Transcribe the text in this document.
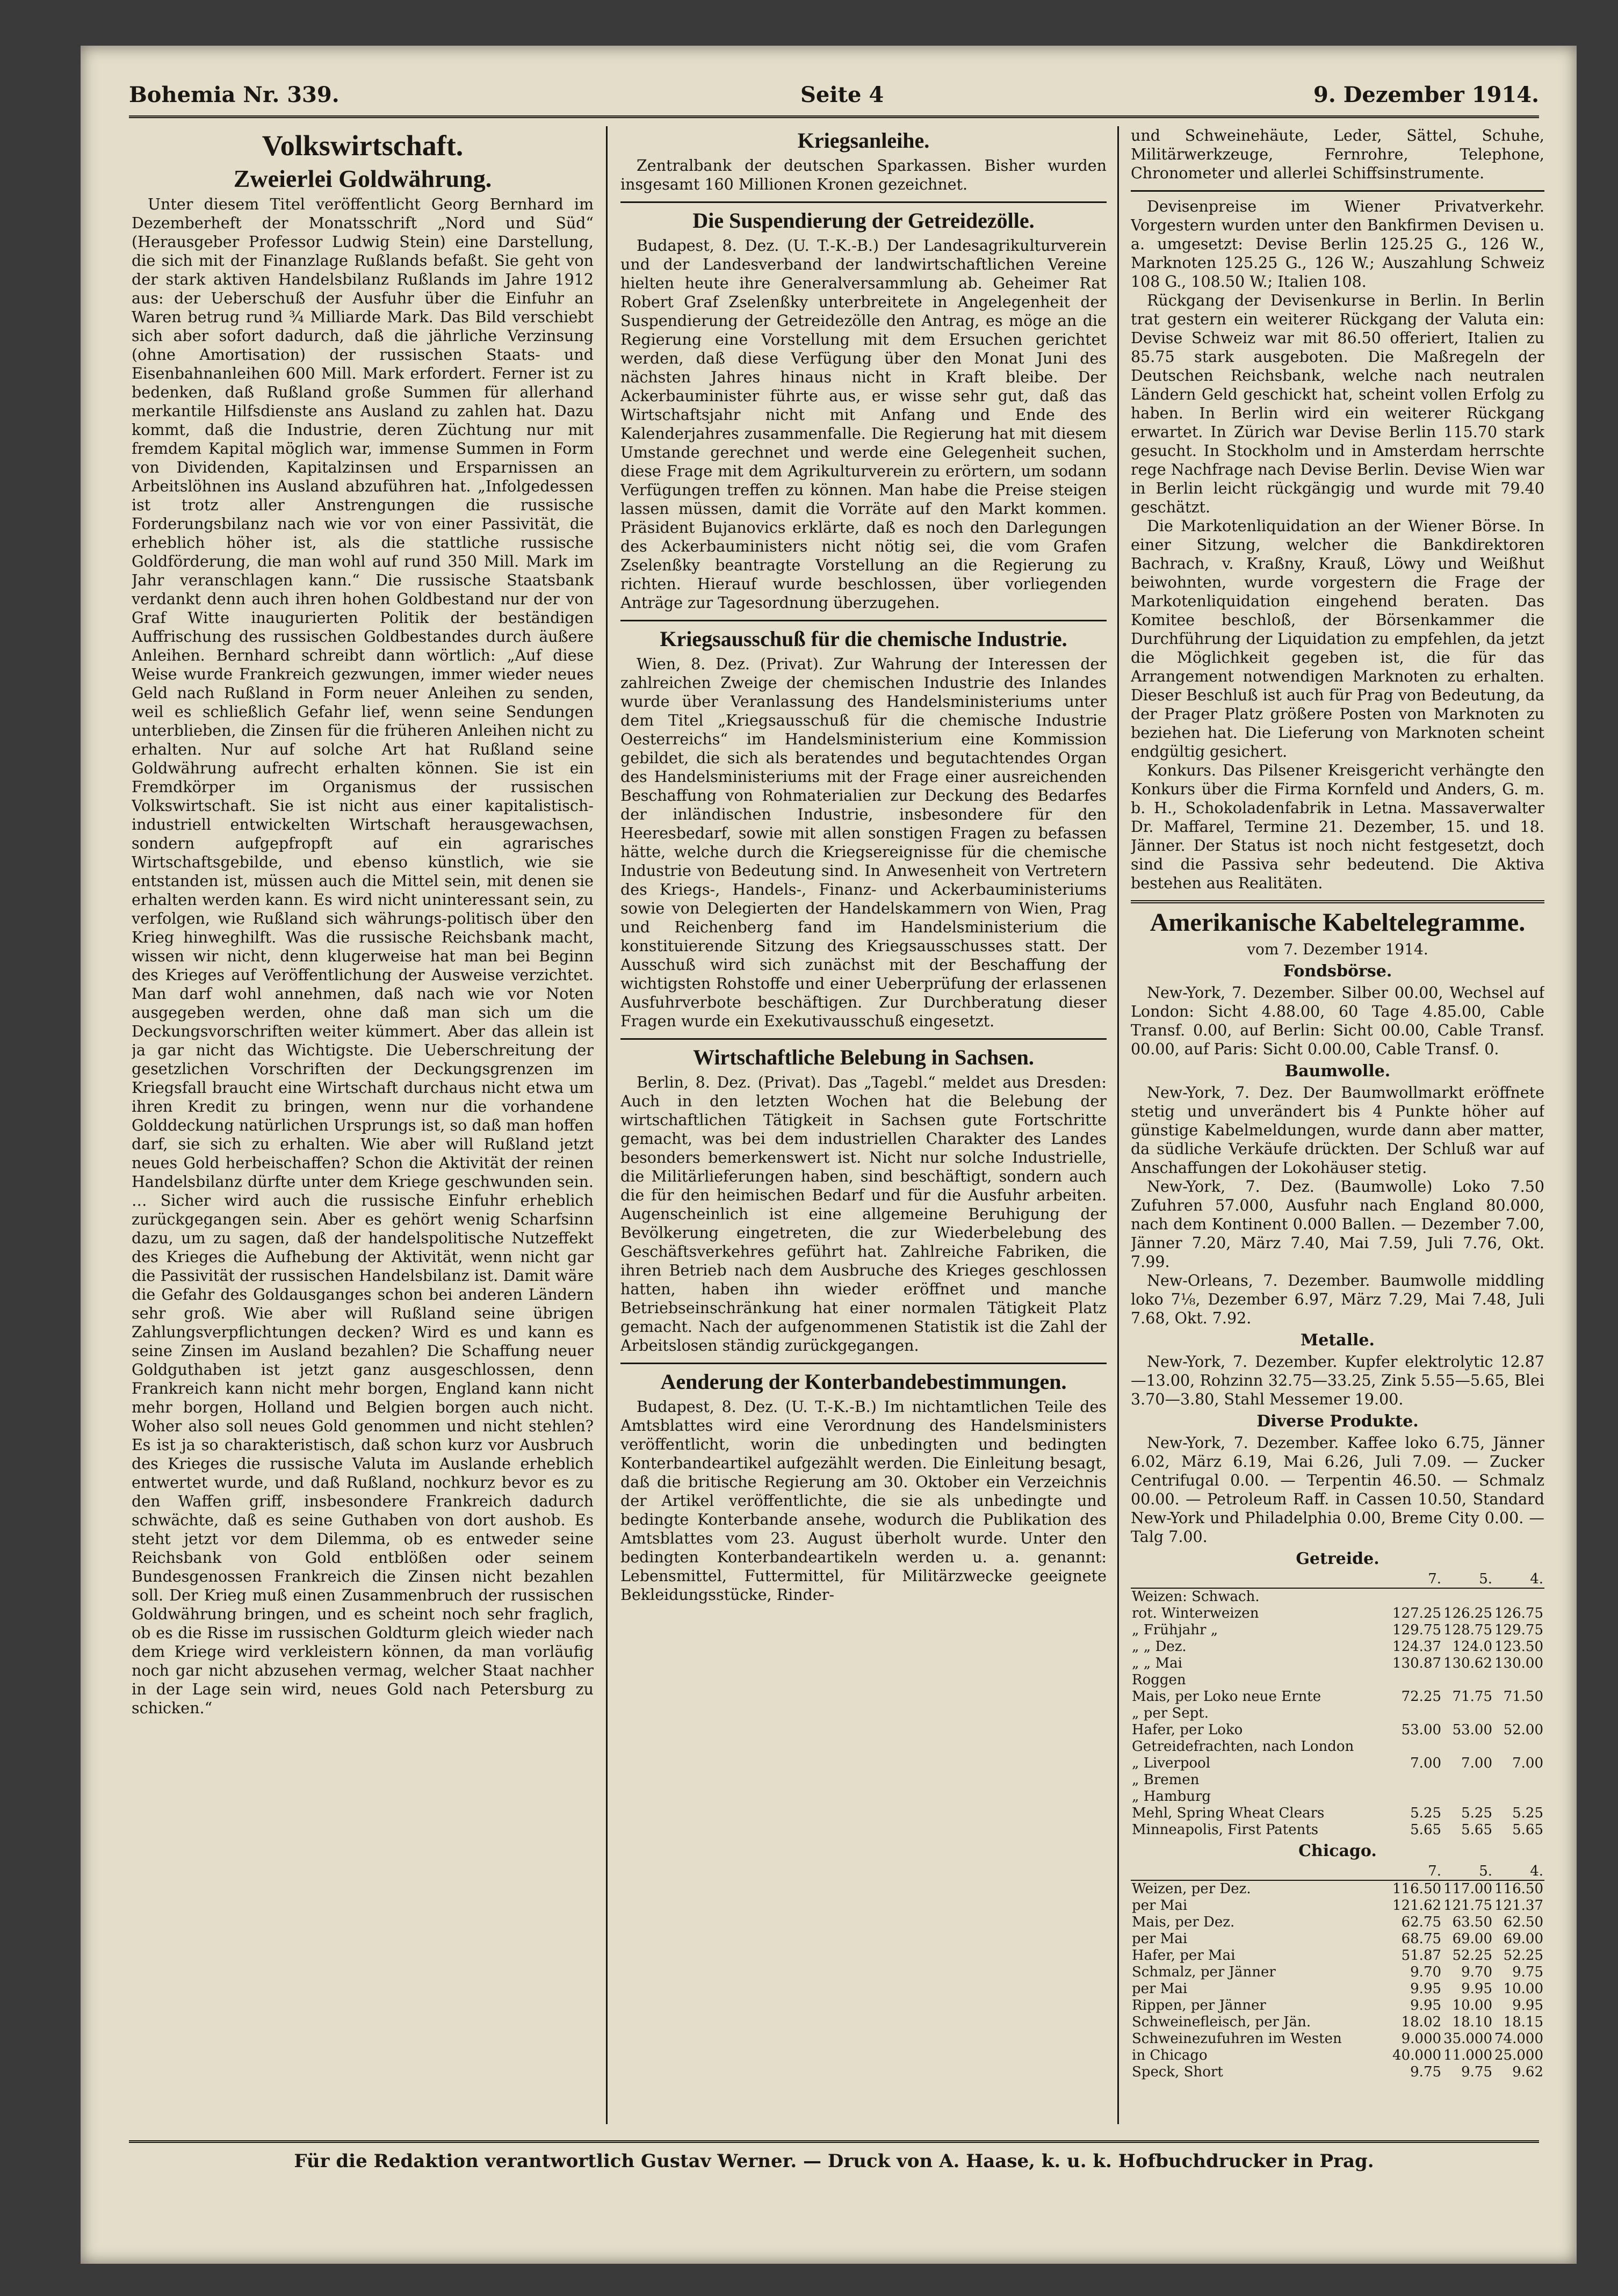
Bohemia Nr. 339.	Seite 4	9. Dezember 1914.
Volkswirtschaft.
Zweierlei Goldwährung.

Unter diesem Titel veröffentlicht Georg Bernhard im Dezemberheft der Monatsschrift „Nord und Süd“ (Herausgeber Professor Ludwig Stein) eine Darstellung, die sich mit der Finanzlage Rußlands befaßt. Sie geht von der stark aktiven Handelsbilanz Rußlands im Jahre 1912 aus: der Ueberschuß der Ausfuhr über die Einfuhr an Waren betrug rund ¾ Milliarde Mark. Das Bild verschiebt sich aber sofort dadurch, daß die jährliche Verzinsung (ohne Amortisation) der russischen Staats- und Eisenbahnanleihen 600 Mill. Mark erfordert. Ferner ist zu bedenken, daß Rußland große Summen für allerhand merkantile Hilfsdienste ans Ausland zu zahlen hat. Dazu kommt, daß die Industrie, deren Züchtung nur mit fremdem Kapital möglich war, immense Summen in Form von Dividenden, Kapitalzinsen und Ersparnissen an Arbeitslöhnen ins Ausland abzuführen hat. „Infolgedessen ist trotz aller Anstrengungen die russische Forderungsbilanz nach wie vor von einer Passivität, die erheblich höher ist, als die stattliche russische Goldförderung, die man wohl auf rund 350 Mill. Mark im Jahr veranschlagen kann.“ Die russische Staatsbank verdankt denn auch ihren hohen Goldbestand nur der von Graf Witte inaugurierten Politik der beständigen Auffrischung des russischen Goldbestandes durch äußere Anleihen. Bernhard schreibt dann wörtlich: „Auf diese Weise wurde Frankreich gezwungen, immer wieder neues Geld nach Rußland in Form neuer Anleihen zu senden, weil es schließlich Gefahr lief, wenn seine Sendungen unterblieben, die Zinsen für die früheren Anleihen nicht zu erhalten. Nur auf solche Art hat Rußland seine Goldwährung aufrecht erhalten können. Sie ist ein Fremdkörper im Organismus der russischen Volkswirtschaft. Sie ist nicht aus einer kapitalistisch-industriell entwickelten Wirtschaft herausgewachsen, sondern aufgepfropft auf ein agrarisches Wirtschaftsgebilde, und ebenso künstlich, wie sie entstanden ist, müssen auch die Mittel sein, mit denen sie erhalten werden kann. Es wird nicht uninteressant sein, zu verfolgen, wie Rußland sich währungs-politisch über den Krieg hinweghilft. Was die russische Reichsbank macht, wissen wir nicht, denn klugerweise hat man bei Beginn des Krieges auf Veröffentlichung der Ausweise verzichtet. Man darf wohl annehmen, daß nach wie vor Noten ausgegeben werden, ohne daß man sich um die Deckungsvorschriften weiter kümmert. Aber das allein ist ja gar nicht das Wichtigste. Die Ueberschreitung der gesetzlichen Vorschriften der Deckungsgrenzen im Kriegsfall braucht eine Wirtschaft durchaus nicht etwa um ihren Kredit zu bringen, wenn nur die vorhandene Golddeckung natürlichen Ursprungs ist, so daß man hoffen darf, sie sich zu erhalten. Wie aber will Rußland jetzt neues Gold herbeischaffen? Schon die Aktivität der reinen Handelsbilanz dürfte unter dem Kriege geschwunden sein. … Sicher wird auch die russische Einfuhr erheblich zurückgegangen sein. Aber es gehört wenig Scharfsinn dazu, um zu sagen, daß der handelspolitische Nutzeffekt des Krieges die Aufhebung der Aktivität, wenn nicht gar die Passivität der russischen Handelsbilanz ist. Damit wäre die Gefahr des Goldausganges schon bei anderen Ländern sehr groß. Wie aber will Rußland seine übrigen Zahlungsverpflichtungen decken? Wird es und kann es seine Zinsen im Ausland bezahlen? Die Schaffung neuer Goldguthaben ist jetzt ganz ausgeschlossen, denn Frankreich kann nicht mehr borgen, England kann nicht mehr borgen, Holland und Belgien borgen auch nicht. Woher also soll neues Gold genommen und nicht stehlen? Es ist ja so charakteristisch, daß schon kurz vor Ausbruch des Krieges die russische Valuta im Auslande erheblich entwertet wurde, und daß Rußland, nochkurz bevor es zu den Waffen griff, insbesondere Frankreich dadurch schwächte, daß es seine Guthaben von dort aushob. Es steht jetzt vor dem Dilemma, ob es entweder seine Reichsbank von Gold entblößen oder seinem Bundesgenossen Frankreich die Zinsen nicht bezahlen soll. Der Krieg muß einen Zusammenbruch der russischen Goldwährung bringen, und es scheint noch sehr fraglich, ob es die Risse im russischen Goldturm gleich wieder nach dem Kriege wird verkleistern können, da man vorläufig noch gar nicht abzusehen vermag, welcher Staat nachher in der Lage sein wird, neues Gold nach Petersburg zu schicken.“

Kriegsanleihe.

Zentralbank der deutschen Sparkassen. Bisher wurden insgesamt 160 Millionen Kronen gezeichnet.

Die Suspendierung der Getreidezölle.

Budapest, 8. Dez. (U. T.-K.-B.) Der Landesagrikulturverein und der Landesverband der landwirtschaftlichen Vereine hielten heute ihre Generalversammlung ab. Geheimer Rat Robert Graf Zselenßky unterbreitete in Angelegenheit der Suspendierung der Getreidezölle den Antrag, es möge an die Regierung eine Vorstellung mit dem Ersuchen gerichtet werden, daß diese Verfügung über den Monat Juni des nächsten Jahres hinaus nicht in Kraft bleibe. Der Ackerbauminister führte aus, er wisse sehr gut, daß das Wirtschaftsjahr nicht mit Anfang und Ende des Kalenderjahres zusammenfalle. Die Regierung hat mit diesem Umstande gerechnet und werde eine Gelegenheit suchen, diese Frage mit dem Agrikulturverein zu erörtern, um sodann Verfügungen treffen zu können. Man habe die Preise steigen lassen müssen, damit die Vorräte auf den Markt kommen. Präsident Bujanovics erklärte, daß es noch den Darlegungen des Ackerbauministers nicht nötig sei, die vom Grafen Zselenßky beantragte Vorstellung an die Regierung zu richten. Hierauf wurde beschlossen, über vorliegenden Anträge zur Tagesordnung überzugehen.

Kriegsausschuß für die chemische Industrie.

Wien, 8. Dez. (Privat). Zur Wahrung der Interessen der zahlreichen Zweige der chemischen Industrie des Inlandes wurde über Veranlassung des Handelsministeriums unter dem Titel „Kriegsausschuß für die chemische Industrie Oesterreichs“ im Handelsministerium eine Kommission gebildet, die sich als beratendes und begutachtendes Organ des Handelsministeriums mit der Frage einer ausreichenden Beschaffung von Rohmaterialien zur Deckung des Bedarfes der inländischen Industrie, insbesondere für den Heeresbedarf, sowie mit allen sonstigen Fragen zu befassen hätte, welche durch die Kriegsereignisse für die chemische Industrie von Bedeutung sind. In Anwesenheit von Vertretern des Kriegs-, Handels-, Finanz- und Ackerbauministeriums sowie von Delegierten der Handelskammern von Wien, Prag und Reichenberg fand im Handelsministerium die konstituierende Sitzung des Kriegsausschusses statt. Der Ausschuß wird sich zunächst mit der Beschaffung der wichtigsten Rohstoffe und einer Ueberprüfung der erlassenen Ausfuhrverbote beschäftigen. Zur Durchberatung dieser Fragen wurde ein Exekutivausschuß eingesetzt.

Wirtschaftliche Belebung in Sachsen.

Berlin, 8. Dez. (Privat). Das „Tagebl.“ meldet aus Dresden: Auch in den letzten Wochen hat die Belebung der wirtschaftlichen Tätigkeit in Sachsen gute Fortschritte gemacht, was bei dem industriellen Charakter des Landes besonders bemerkenswert ist. Nicht nur solche Industrielle, die Militärlieferungen haben, sind beschäftigt, sondern auch die für den heimischen Bedarf und für die Ausfuhr arbeiten. Augenscheinlich ist eine allgemeine Beruhigung der Bevölkerung eingetreten, die zur Wiederbelebung des Geschäftsverkehres geführt hat. Zahlreiche Fabriken, die ihren Betrieb nach dem Ausbruche des Krieges geschlossen hatten, haben ihn wieder eröffnet und manche Betriebseinschränkung hat einer normalen Tätigkeit Platz gemacht. Nach der aufgenommenen Statistik ist die Zahl der Arbeitslosen ständig zurückgegangen.

Aenderung der Konterbandebestimmungen.

Budapest, 8. Dez. (U. T.-K.-B.) Im nichtamtlichen Teile des Amtsblattes wird eine Verordnung des Handelsministers veröffentlicht, worin die unbedingten und bedingten Konterbandeartikel aufgezählt werden. Die Einleitung besagt, daß die britische Regierung am 30. Oktober ein Verzeichnis der Artikel veröffentlichte, die sie als unbedingte und bedingte Konterbande ansehe, wodurch die Publikation des Amtsblattes vom 23. August überholt wurde. Unter den bedingten Konterbandeartikeln werden u. a. genannt: Lebensmittel, Futtermittel, für Militärzwecke geeignete Bekleidungsstücke, Rinder-

und Schweinehäute, Leder, Sättel, Schuhe, Militärwerkzeuge, Fernrohre, Telephone, Chronometer und allerlei Schiffsinstrumente.

Devisenpreise im Wiener Privatverkehr. Vorgestern wurden unter den Bankfirmen Devisen u. a. umgesetzt: Devise Berlin 125.25 G., 126 W., Marknoten 125.25 G., 126 W.; Auszahlung Schweiz 108 G., 108.50 W.; Italien 108.

Rückgang der Devisenkurse in Berlin. In Berlin trat gestern ein weiterer Rückgang der Valuta ein: Devise Schweiz war mit 86.50 offeriert, Italien zu 85.75 stark ausgeboten. Die Maßregeln der Deutschen Reichsbank, welche nach neutralen Ländern Geld geschickt hat, scheint vollen Erfolg zu haben. In Berlin wird ein weiterer Rückgang erwartet. In Zürich war Devise Berlin 115.70 stark gesucht. In Stockholm und in Amsterdam herrschte rege Nachfrage nach Devise Berlin. Devise Wien war in Berlin leicht rückgängig und wurde mit 79.40 geschätzt.

Die Markotenliquidation an der Wiener Börse. In einer Sitzung, welcher die Bankdirektoren Bachrach, v. Kraßny, Krauß, Löwy und Weißhut beiwohnten, wurde vorgestern die Frage der Markotenliquidation eingehend beraten. Das Komitee beschloß, der Börsenkammer die Durchführung der Liquidation zu empfehlen, da jetzt die Möglichkeit gegeben ist, die für das Arrangement notwendigen Marknoten zu erhalten. Dieser Beschluß ist auch für Prag von Bedeutung, da der Prager Platz größere Posten von Marknoten zu beziehen hat. Die Lieferung von Marknoten scheint endgültig gesichert.

Konkurs. Das Pilsener Kreisgericht verhängte den Konkurs über die Firma Kornfeld und Anders, G. m. b. H., Schokoladenfabrik in Letna. Massaverwalter Dr. Maffarel, Termine 21. Dezember, 15. und 18. Jänner. Der Status ist noch nicht festgesetzt, doch sind die Passiva sehr bedeutend. Die Aktiva bestehen aus Realitäten.

Amerikanische Kabeltelegramme.
vom 7. Dezember 1914.
Fondsbörse.

New-York, 7. Dezember. Silber 00.00, Wechsel auf London: Sicht 4.88.00, 60 Tage 4.85.00, Cable Transf. 0.00, auf Berlin: Sicht 00.00, Cable Transf. 00.00, auf Paris: Sicht 0.00.00, Cable Transf. 0.

Baumwolle.

New-York, 7. Dez. Der Baumwollmarkt eröffnete stetig und unverändert bis 4 Punkte höher auf günstige Kabelmeldungen, wurde dann aber matter, da südliche Verkäufe drückten. Der Schluß war auf Anschaffungen der Lokohäuser stetig.

New-York, 7. Dez. (Baumwolle) Loko 7.50 Zufuhren 57.000, Ausfuhr nach England 80.000, nach dem Kontinent 0.000 Ballen. — Dezember 7.00, Jänner 7.20, März 7.40, Mai 7.59, Juli 7.76, Okt. 7.99.

New-Orleans, 7. Dezember. Baumwolle middling loko 7⅛, Dezember 6.97, März 7.29, Mai 7.48, Juli 7.68, Okt. 7.92.

Metalle.

New-York, 7. Dezember. Kupfer elektrolytic 12.87—13.00, Rohzinn 32.75—33.25, Zink 5.55—5.65, Blei 3.70—3.80, Stahl Messemer 19.00.

Diverse Produkte.

New-York, 7. Dezember. Kaffee loko 6.75, Jänner 6.02, März 6.19, Mai 6.26, Juli 7.09. — Zucker Centrifugal 0.00. — Terpentin 46.50. — Schmalz 00.00. — Petroleum Raff. in Cassen 10.50, Standard New-York und Philadelphia 0.00, Breme City 0.00. — Talg 7.00.

Getreide.
	7.	5.	4.
Weizen: Schwach.			
rot. Winterweizen	127.25	126.25	126.75
„ Frühjahr „	129.75	128.75	129.75
„ „ Dez.	124.37	124.0	123.50
„ „ Mai	130.87	130.62	130.00
Roggen			
Mais, per Loko neue Ernte	72.25	71.75	71.50
„ per Sept.			
Hafer, per Loko	53.00	53.00	52.00
Getreidefrachten, nach London			
„ Liverpool	7.00	7.00	7.00
„ Bremen			
„ Hamburg			
Mehl, Spring Wheat Clears	5.25	5.25	5.25
Minneapolis, First Patents	5.65	5.65	5.65
Chicago.
	7.	5.	4.
Weizen, per Dez.	116.50	117.00	116.50
per Mai	121.62	121.75	121.37
Mais, per Dez.	62.75	63.50	62.50
per Mai	68.75	69.00	69.00
Hafer, per Mai	51.87	52.25	52.25
Schmalz, per Jänner	9.70	9.70	9.75
per Mai	9.95	9.95	10.00
Rippen, per Jänner	9.95	10.00	9.95
Schweinefleisch, per Jän.	18.02	18.10	18.15
Schweinezufuhren im Westen	9.000	35.000	74.000
in Chicago	40.000	11.000	25.000
Speck, Short	9.75	9.75	9.62
Für die Redaktion verantwortlich Gustav Werner. — Druck von A. Haase, k. u. k. Hofbuchdrucker in Prag.
